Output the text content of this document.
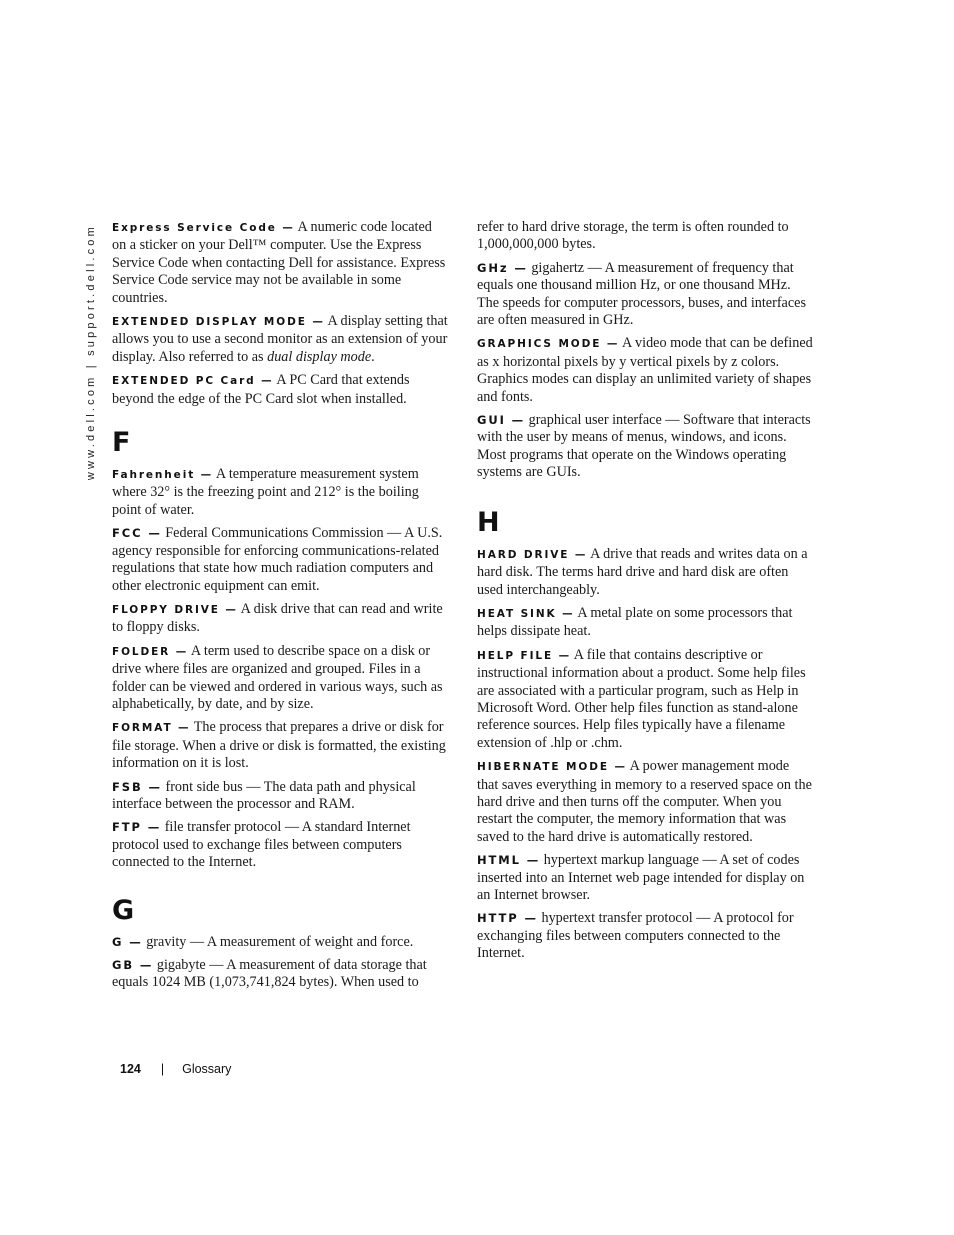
www.dell.com | support.dell.com Express Service Code — A numeric code located on a sticker on your Dell™ computer. Use the Express Service Code when contacting Dell for assistance. Express Service Code service may not be available in some countries.

EXTENDED DISPLAY MODE — A display setting that allows you to use a second monitor as an extension of your display. Also referred to as dual display mode.

EXTENDED PC Card — A PC Card that extends beyond the edge of the PC Card slot when installed.

F

Fahrenheit — A temperature measurement system where 32° is the freezing point and 212° is the boiling point of water.

FCC — Federal Communications Commission — A U.S. agency responsible for enforcing communications-related regulations that state how much radiation computers and other electronic equipment can emit.

FLOPPY DRIVE — A disk drive that can read and write to floppy disks.

FOLDER — A term used to describe space on a disk or drive where files are organized and grouped. Files in a folder can be viewed and ordered in various ways, such as alphabetically, by date, and by size.

FORMAT — The process that prepares a drive or disk for file storage. When a drive or disk is formatted, the existing information on it is lost.

FSB — front side bus — The data path and physical interface between the processor and RAM.

FTP — file transfer protocol — A standard Internet protocol used to exchange files between computers connected to the Internet.

G

G — gravity — A measurement of weight and force.

GB — gigabyte — A measurement of data storage that equals 1024 MB (1,073,741,824 bytes). When used to

refer to hard drive storage, the term is often rounded to 1,000,000,000 bytes.

GHz — gigahertz — A measurement of frequency that equals one thousand million Hz, or one thousand MHz. The speeds for computer processors, buses, and interfaces are often measured in GHz.

GRAPHICS MODE — A video mode that can be defined as x horizontal pixels by y vertical pixels by z colors. Graphics modes can display an unlimited variety of shapes and fonts.

GUI — graphical user interface — Software that interacts with the user by means of menus, windows, and icons. Most programs that operate on the Windows operating systems are GUIs.

H

HARD DRIVE — A drive that reads and writes data on a hard disk. The terms hard drive and hard disk are often used interchangeably.

HEAT SINK — A metal plate on some processors that helps dissipate heat.

HELP FILE — A file that contains descriptive or instructional information about a product. Some help files are associated with a particular program, such as Help in Microsoft Word. Other help files function as stand-alone reference sources. Help files typically have a filename extension of .hlp or .chm.

HIBERNATE MODE — A power management mode that saves everything in memory to a reserved space on the hard drive and then turns off the computer. When you restart the computer, the memory information that was saved to the hard drive is automatically restored.

HTML — hypertext markup language — A set of codes inserted into an Internet web page intended for display on an Internet browser.

HTTP — hypertext transfer protocol — A protocol for exchanging files between computers connected to the Internet.

124 | Glossary
